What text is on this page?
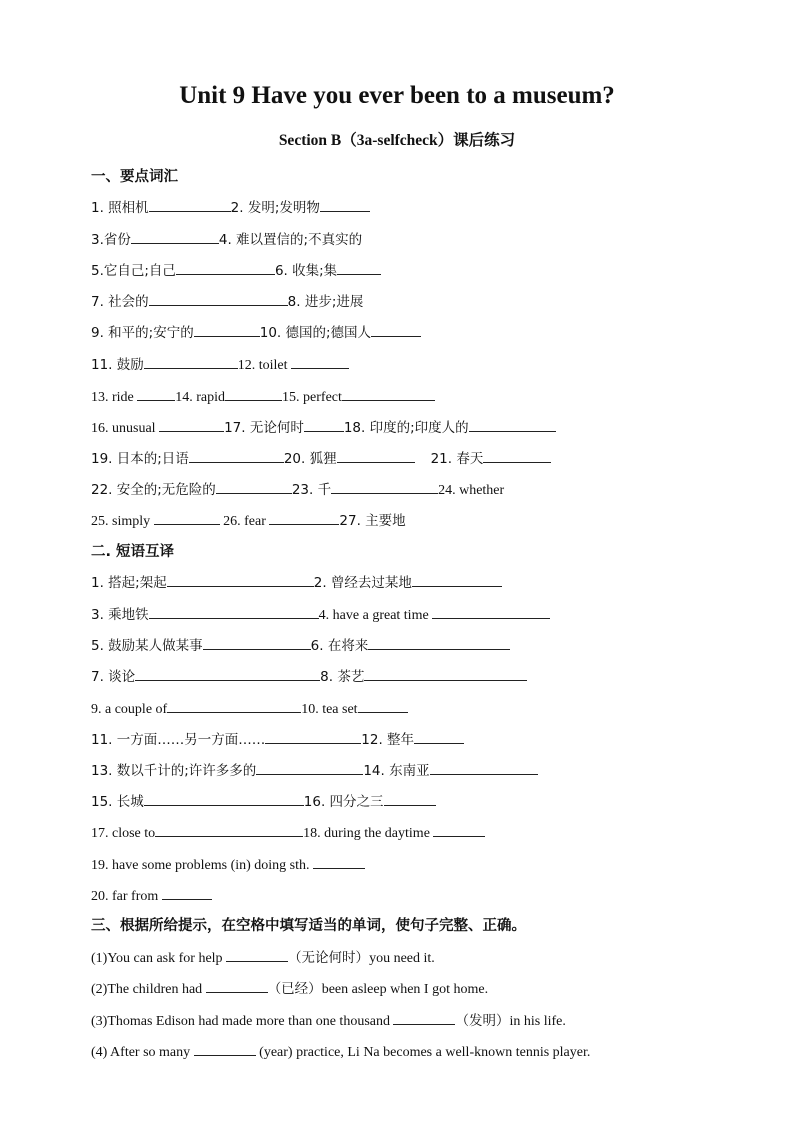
Unit 9 Have you ever been to a museum?
Section B（3a-selfcheck）课后练习
一、要点词汇
1. 照相机	2. 发明;发明物
3.省份	4. 难以置信的;不真实的
5.它自己;自己	6. 收集;集
7. 社会的	8. 进步;进展
9. 和平的;安宁的	10. 德国的;德国人
11. 鼓励	12. toilet
13. ride	14. rapid	15. perfect
16. unusual	17. 无论何时	18. 印度的;印度人的
19. 日本的;日语	20. 狐狸	21. 春天
22. 安全的;无危险的	23. 千	24. whether
25. simply	26. fear	27. 主要地
二. 短语互译
1. 搭起;架起	2. 曾经去过某地
3. 乘地铁	4. have a great time
5. 鼓励某人做某事	6. 在将来
7. 谈论	8. 茶艺
9. a couple of	10. tea set
11. 一方面……另一方面……	12. 整年
13. 数以千计的;许许多多的	14. 东南亚
15. 长城	16. 四分之三
17. close to	18. during the daytime
19. have some problems (in) doing sth.
20. far from
三、根据所给提示，在空格中填写适当的单词，使句子完整、正确。
(1)You can ask for help	（无论何时）you need it.
(2)The children had	（已经）been asleep when I got home.
(3)Thomas Edison had made more than one thousand	（发明）in his life.
(4) After so many	(year) practice, Li Na becomes a well-known tennis player.
